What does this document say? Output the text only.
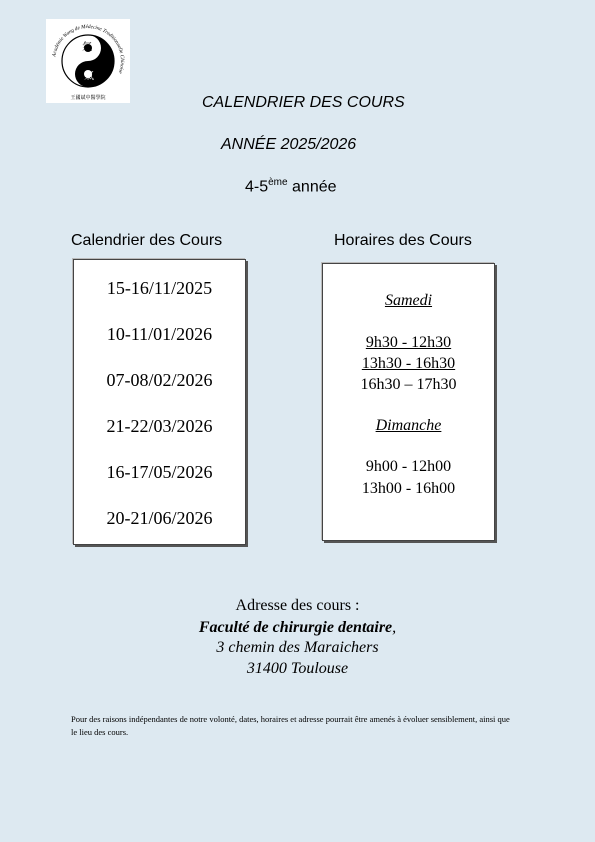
氣
氣
Académie Wang de Médecine Traditionnelle Chinoise
王國斌中醫學院	CALENDRIER DES COURS
ANNÉE 2025/2026
4-5ème année
Calendrier des Cours	Horaires des Cours
15-16/11/2025
10-11/01/2026
07-08/02/2026
21-22/03/2026
16-17/05/2026
20-21/06/2026
Samedi
9h30 - 12h30
13h30 - 16h30
16h30 – 17h30
Dimanche
9h00 - 12h00
13h00 - 16h00
Adresse des cours :
Faculté de chirurgie dentaire,
3 chemin des Maraichers
31400 Toulouse
Pour des raisons indépendantes de notre volonté, dates, horaires et adresse pourrait être amenés à évoluer sensiblement, ainsi que le lieu des cours.
